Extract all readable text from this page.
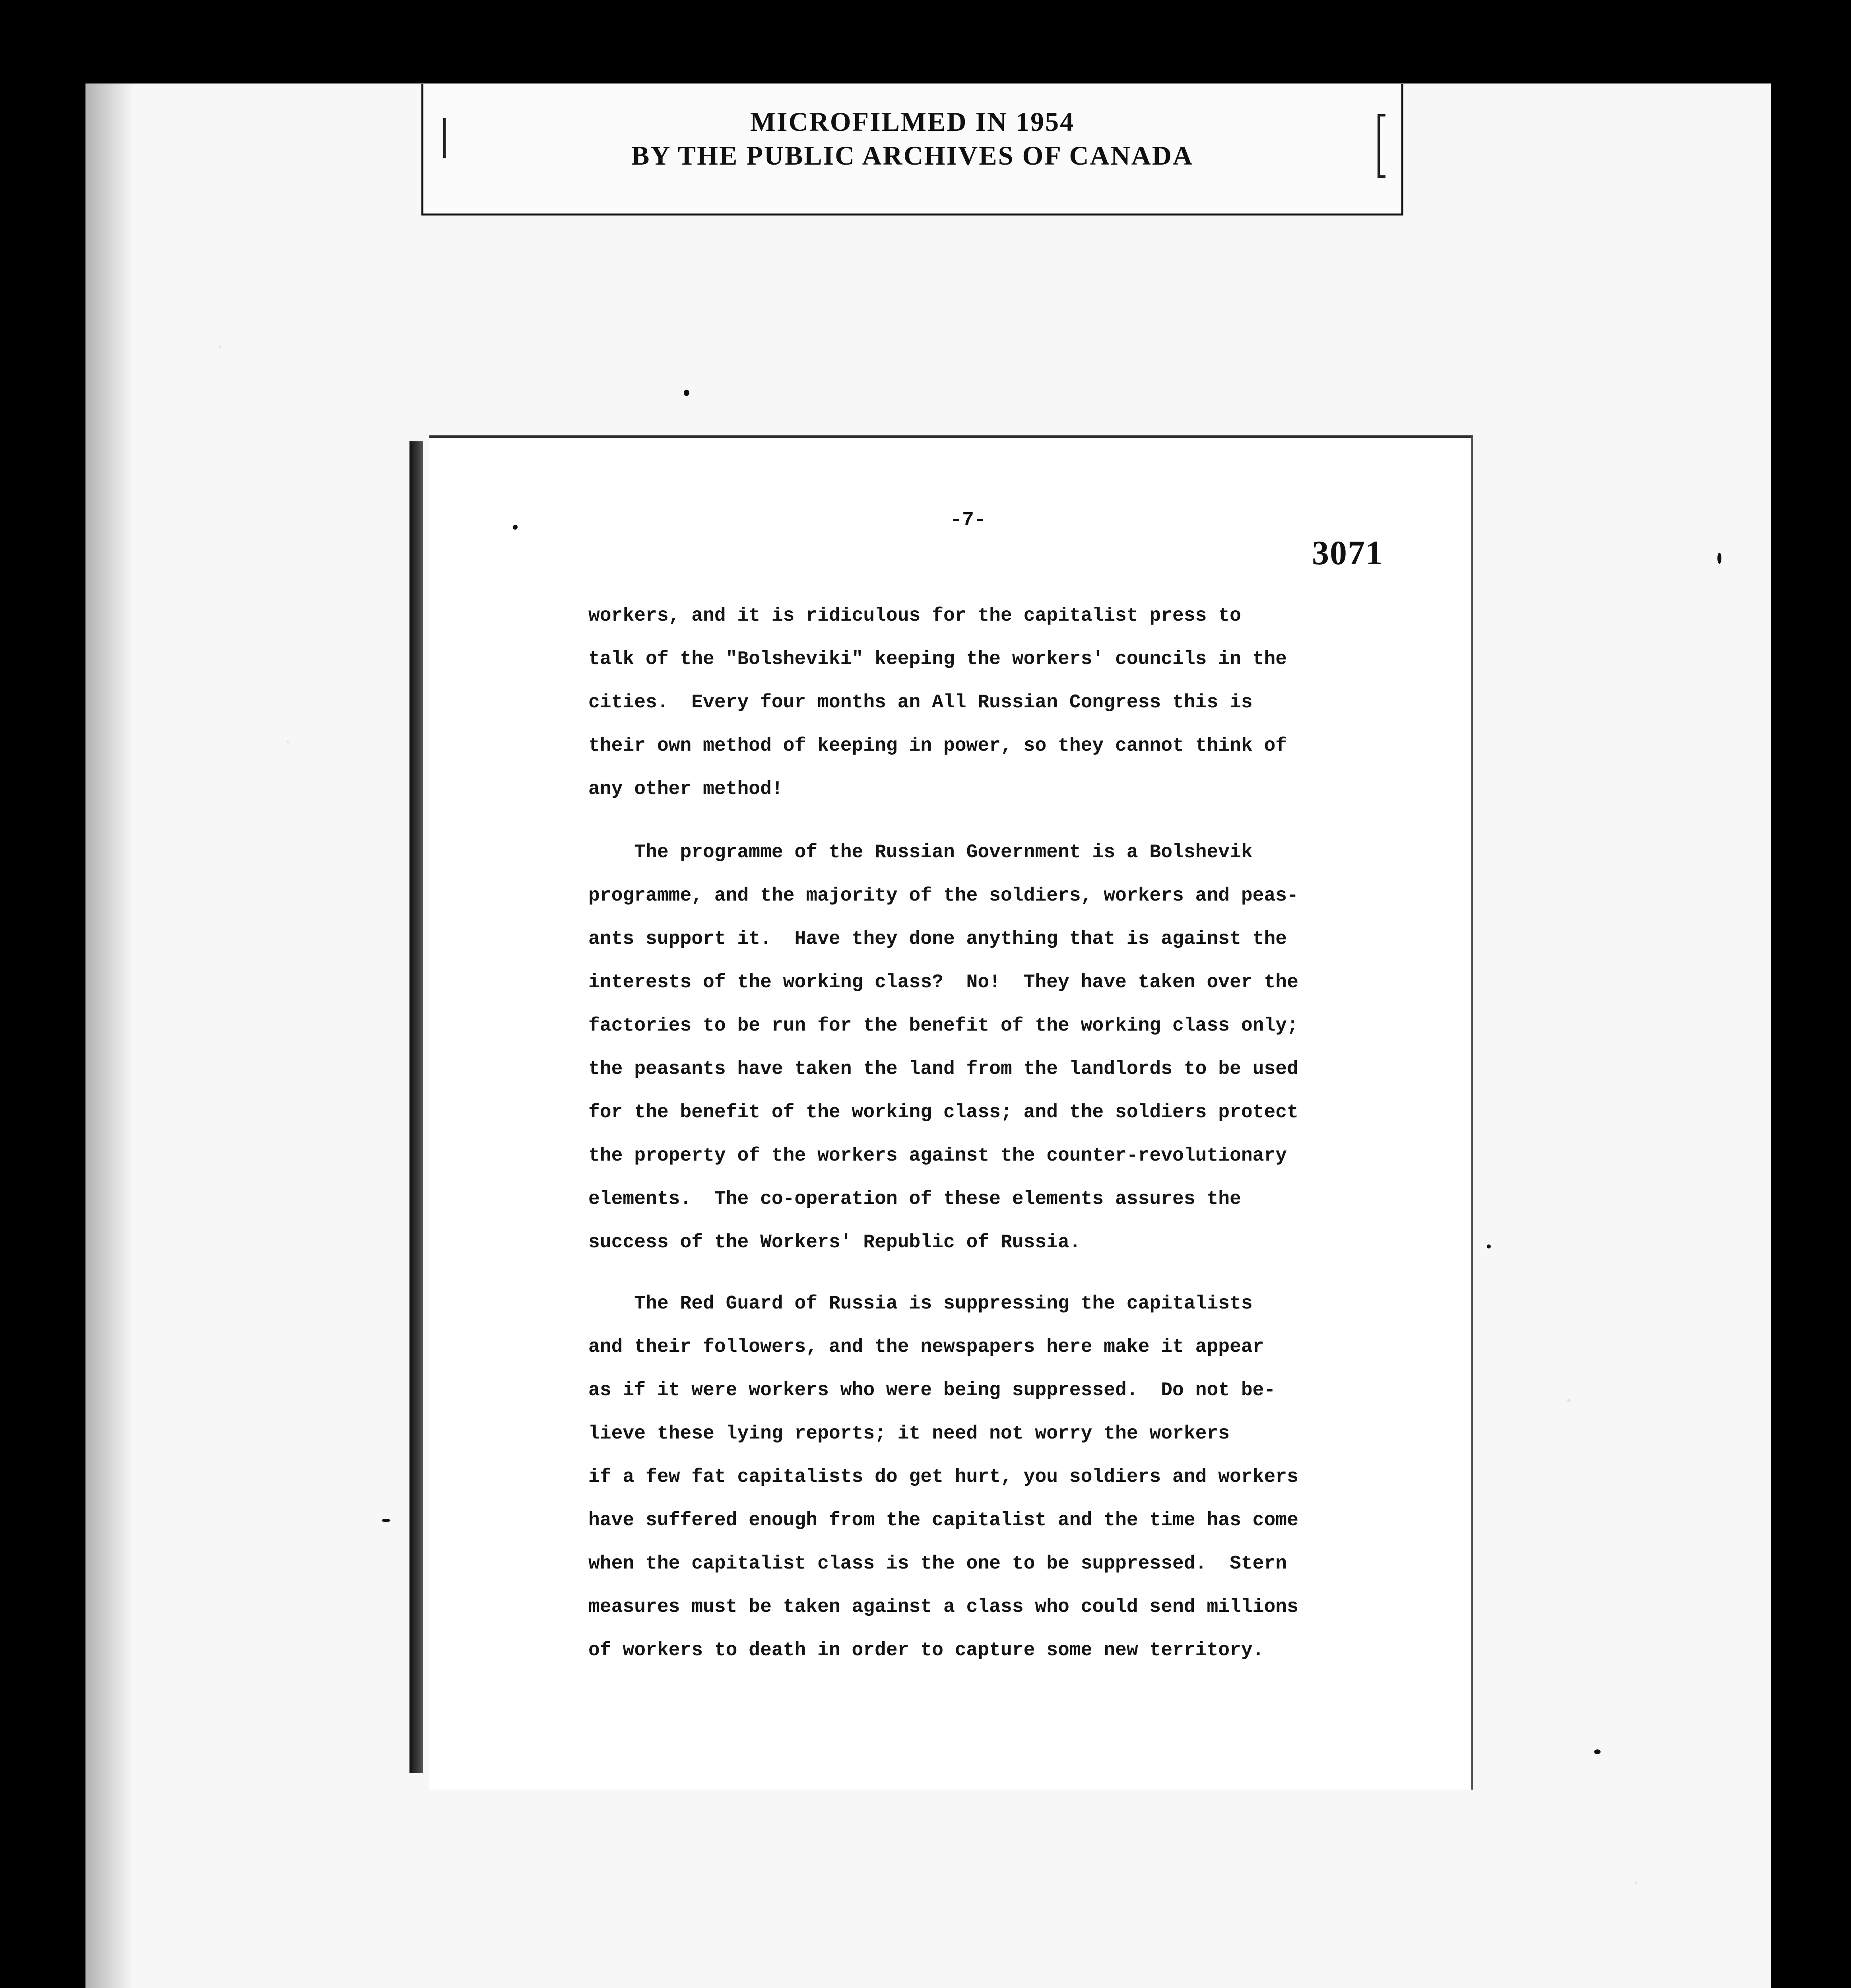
MICROFILMED IN 1954
BY THE PUBLIC ARCHIVES OF CANADA
-7-
3071
workers, and it is ridiculous for the capitalist press to
talk of the "Bolsheviki" keeping the workers' councils in the
cities.  Every four months an All Russian Congress this is
their own method of keeping in power, so they cannot think of
any other method!
The programme of the Russian Government is a Bolshevik
programme, and the majority of the soldiers, workers and peas-
ants support it.  Have they done anything that is against the
interests of the working class?  No!  They have taken over the
factories to be run for the benefit of the working class only;
the peasants have taken the land from the landlords to be used
for the benefit of the working class; and the soldiers protect
the property of the workers against the counter-revolutionary
elements.  The co-operation of these elements assures the
success of the Workers' Republic of Russia.
The Red Guard of Russia is suppressing the capitalists
and their followers, and the newspapers here make it appear
as if it were workers who were being suppressed.  Do not be-
lieve these lying reports; it need not worry the workers
if a few fat capitalists do get hurt, you soldiers and workers
have suffered enough from the capitalist and the time has come
when the capitalist class is the one to be suppressed.  Stern
measures must be taken against a class who could send millions
of workers to death in order to capture some new territory.
